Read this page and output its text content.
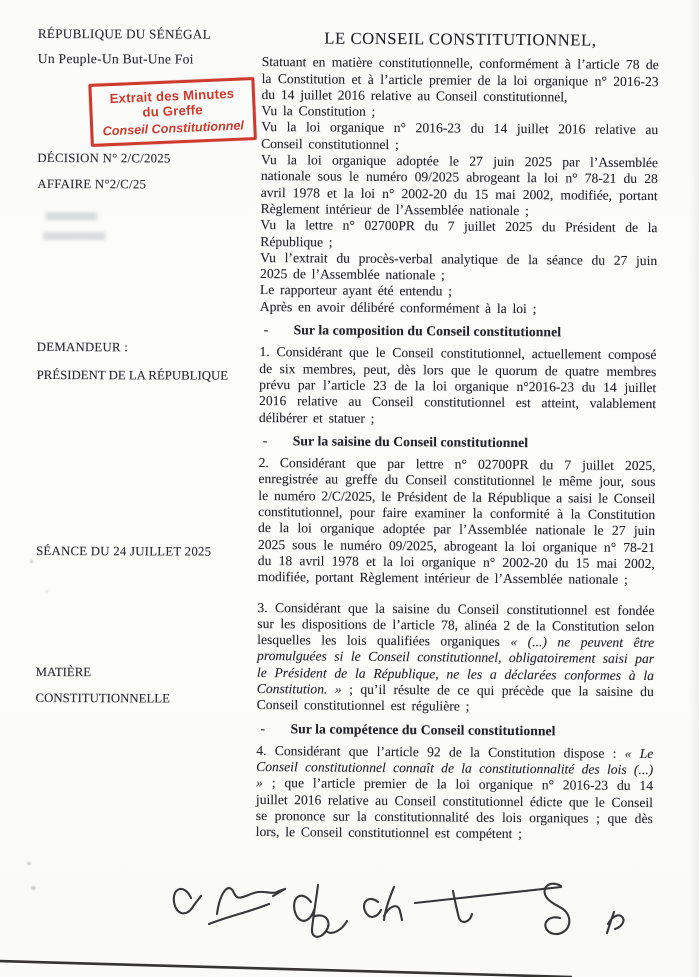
RÉPUBLIQUE DU SÉNÉGAL
Un Peuple-Un But-Une Foi
Extrait des Minutes
du Greffe
Conseil Constitutionnel
DÉCISION N° 2/C/2025
AFFAIRE N°2/C/25
DEMANDEUR :
PRÉSIDENT DE LA RÉPUBLIQUE
SÉANCE DU 24 JUILLET 2025
MATIÈRE
CONSTITUTIONNELLE
LE CONSEIL CONSTITUTIONNEL,

Statuant en matière constitutionnelle, conformément à l’article 78 de la Constitution et à l’article premier de la loi organique n° 2016-23 du 14 juillet 2016 relative au Conseil constitutionnel,

Vu la Constitution ;

Vu la loi organique n° 2016-23 du 14 juillet 2016 relative au Conseil constitutionnel ;

Vu la loi organique adoptée le 27 juin 2025 par l’Assemblée nationale sous le numéro 09/2025 abrogeant la loi n° 78-21 du 28 avril 1978 et la loi n° 2002-20 du 15 mai 2002, modifiée, portant Règlement intérieur de l’Assemblée nationale ;

Vu la lettre n° 02700PR du 7 juillet 2025 du Président de la République ;

Vu l’extrait du procès-verbal analytique de la séance du 27 juin 2025 de l’Assemblée nationale ;

Le rapporteur ayant été entendu ;

Après en avoir délibéré conformément à la loi ;

-	Sur la composition du Conseil constitutionnel

1. Considérant que le Conseil constitutionnel, actuellement composé de six membres, peut, dès lors que le quorum de quatre membres prévu par l’article 23 de la loi organique n°2016-23 du 14 juillet 2016 relative au Conseil constitutionnel est atteint, valablement délibérer et statuer ;

-	Sur la saisine du Conseil constitutionnel

2. Considérant que par lettre n° 02700PR du 7 juillet 2025, enregistrée au greffe du Conseil constitutionnel le même jour, sous le numéro 2/C/2025, le Président de la République a saisi le Conseil constitutionnel, pour faire examiner la conformité à la Constitution de la loi organique adoptée par l’Assemblée nationale le 27 juin 2025 sous le numéro 09/2025, abrogeant la loi organique n° 78-21 du 18 avril 1978 et la loi organique n° 2002-20 du 15 mai 2002, modifiée, portant Règlement intérieur de l’Assemblée nationale ;

3. Considérant que la saisine du Conseil constitutionnel est fondée sur les dispositions de l’article 78, alinéa 2 de la Constitution selon lesquelles les lois qualifiées organiques « (...) ne peuvent être promulguées si le Conseil constitutionnel, obligatoirement saisi par le Président de la République, ne les a déclarées conformes à la Constitution. » ; qu’il résulte de ce qui précède que la saisine du Conseil constitutionnel est régulière ;

-	Sur la compétence du Conseil constitutionnel

4. Considérant que l’article 92 de la Constitution dispose : « Le Conseil constitutionnel connaît de la constitutionnalité des lois (...) » ; que l’article premier de la loi organique n° 2016-23 du 14 juillet 2016 relative au Conseil constitutionnel édicte que le Conseil se prononce sur la constitutionnalité des lois organiques ; que dès lors, le Conseil constitutionnel est compétent ;
